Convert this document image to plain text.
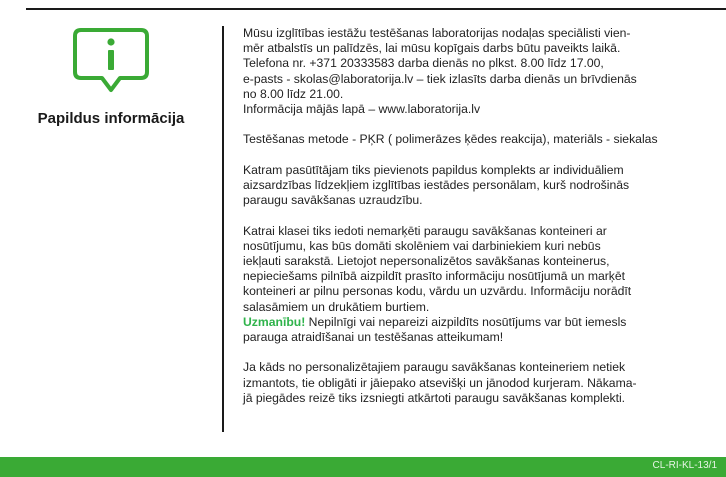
Papildus informācija
Mūsu izglītības iestāžu testēšanas laboratorijas nodaļas speciālisti vien-
mēr atbalstīs un palīdzēs, lai mūsu kopīgais darbs būtu paveikts laikā.
Telefona nr. +371 20333583 darba dienās no plkst. 8.00 līdz 17.00,
e-pasts - skolas@laboratorija.lv – tiek izlasīts darba dienās un brīvdienās
no 8.00 līdz 21.00.
Informācija mājās lapā – www.laboratorija.lv
Testēšanas metode - PĶR ( polimerāzes ķēdes reakcija), materiāls - siekalas
Katram pasūtītājam tiks pievienots papildus komplekts ar individuāliem
aizsardzības līdzekļiem izglītības iestādes personālam, kurš nodrošinās
paraugu savākšanas uzraudzību.
Katrai klasei tiks iedoti nemarķēti paraugu savākšanas konteineri ar
nosūtījumu, kas būs domāti skolēniem vai darbiniekiem kuri nebūs
iekļauti sarakstā. Lietojot nepersonalizētos savākšanas konteinerus,
nepieciešams pilnībā aizpildīt prasīto informāciju nosūtījumā un marķēt
konteineri ar pilnu personas kodu, vārdu un uzvārdu. Informāciju norādīt
salasāmiem un drukātiem burtiem.
Uzmanību! Nepilnīgi vai nepareizi aizpildīts nosūtījums var būt iemesls
parauga atraidīšanai un testēšanas atteikumam!
Ja kāds no personalizētajiem paraugu savākšanas konteineriem netiek
izmantots, tie obligāti ir jāiepako atsevišķi un jānodod kurjeram. Nākama-
jā piegādes reizē tiks izsniegti atkārtoti paraugu savākšanas komplekti.
CL-RI-KL-13/1
